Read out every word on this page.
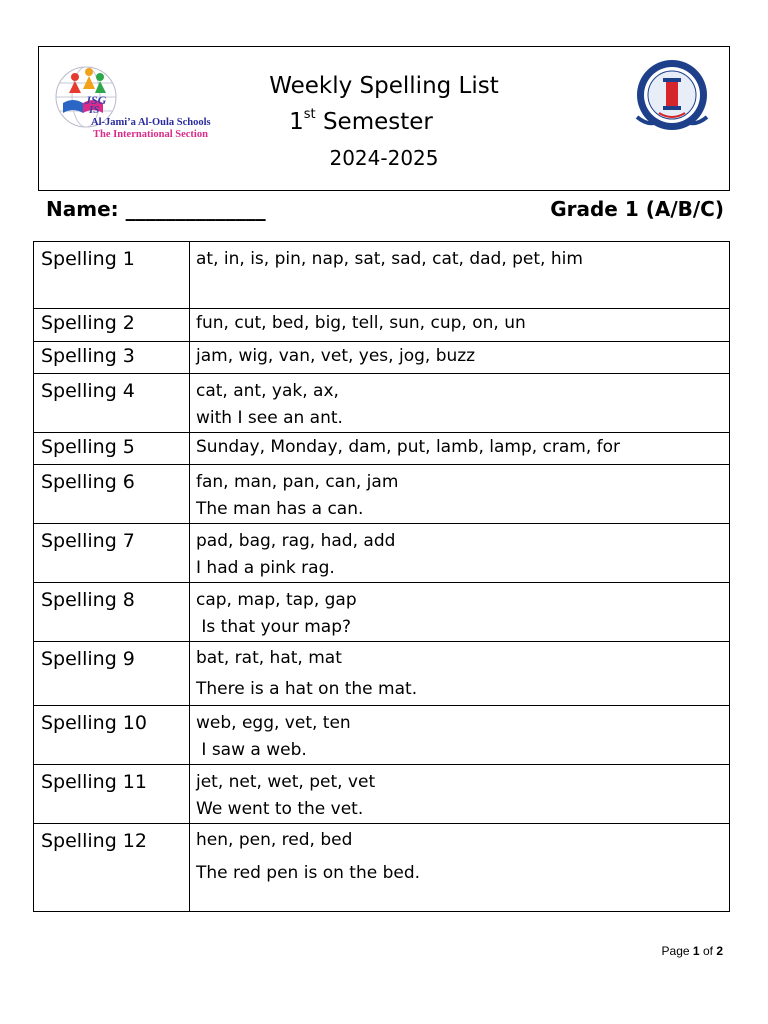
JSG
IS
Al-Jami’a Al-Oula Schools
The International Section
Weekly Spelling List
1st Semester
2024-2025
Name: ______________	Grade 1 (A/B/C)
Spelling 1	at, in, is, pin, nap, sat, sad, cat, dad, pet, him

Spelling 2	fun, cut, bed, big, tell, sun, cup, on, un

Spelling 3	jam, wig, van, vet, yes, jog, buzz

Spelling 4	cat, ant, yak, ax,
with I see an ant.

Spelling 5	Sunday, Monday, dam, put, lamb, lamp, cram, for

Spelling 6	fan, man, pan, can, jam
The man has a can.

Spelling 7	pad, bag, rag, had, add
I had a pink rag.

Spelling 8	cap, map, tap, gap
Is that your map?

Spelling 9	bat, rat, hat, mat
There is a hat on the mat.

Spelling 10	web, egg, vet, ten
I saw a web.

Spelling 11	jet, net, wet, pet, vet
We went to the vet.

Spelling 12	hen, pen, red, bed
The red pen is on the bed.
Page 1 of 2
